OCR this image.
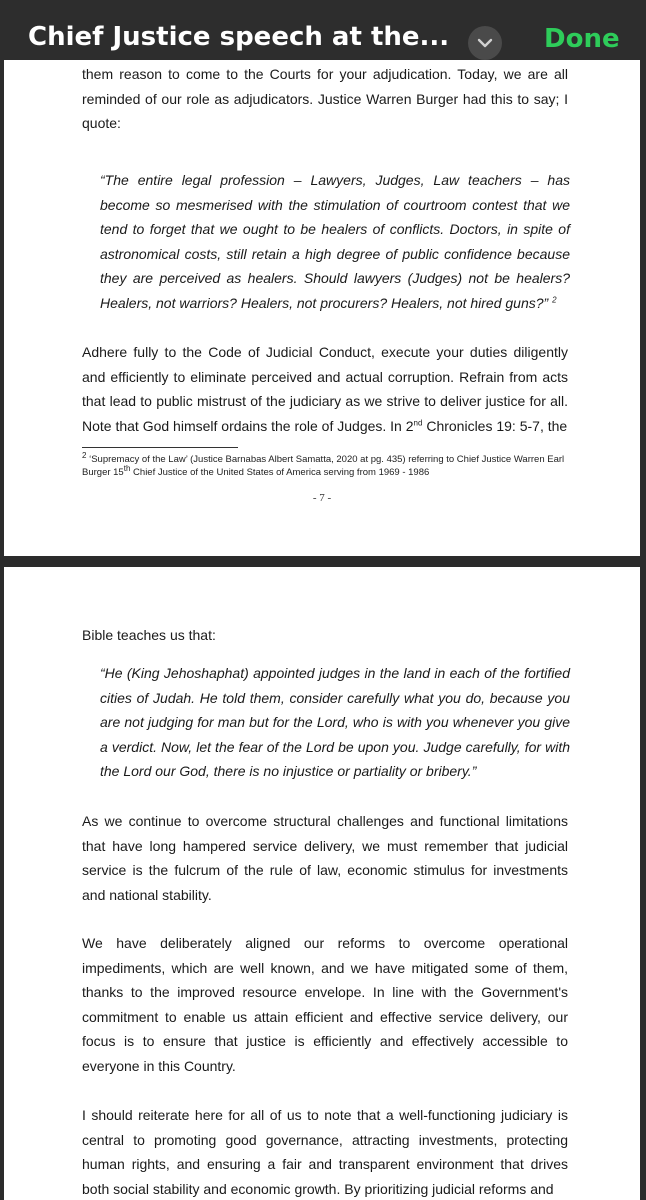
them reason to come to the Courts for your adjudication. Today, we are all reminded of our role as adjudicators. Justice Warren Burger had this to say; I quote:

“The entire legal profession – Lawyers, Judges, Law teachers – has become so mesmerised with the stimulation of courtroom contest that we tend to forget that we ought to be healers of conflicts. Doctors, in spite of astronomical costs, still retain a high degree of public confidence because they are perceived as healers. Should lawyers (Judges) not be healers? Healers, not warriors? Healers, not procurers? Healers, not hired guns?” $^2$

Adhere fully to the Code of Judicial Conduct, execute your duties diligently and efficiently to eliminate perceived and actual corruption. Refrain from acts that lead to public mistrust of the judiciary as we strive to deliver justice for all. Note that God himself ordains the role of Judges. In 2nd Chronicles 19: 5-7, the

$^2$ ‘Supremacy of the Law’ (Justice Barnabas Albert Samatta, 2020 at pg. 435) referring to Chief Justice Warren Earl Burger 15th Chief Justice of the United States of America serving from 1969 - 1986

- 7 -

Bible teaches us that:

“He (King Jehoshaphat) appointed judges in the land in each of the fortified cities of Judah. He told them, consider carefully what you do, because you are not judging for man but for the Lord, who is with you whenever you give a verdict. Now, let the fear of the Lord be upon you. Judge carefully, for with the Lord our God, there is no injustice or partiality or bribery.”

As we continue to overcome structural challenges and functional limitations that have long hampered service delivery, we must remember that judicial service is the fulcrum of the rule of law, economic stimulus for investments and national stability.

We have deliberately aligned our reforms to overcome operational impediments, which are well known, and we have mitigated some of them, thanks to the improved resource envelope. In line with the Government's commitment to enable us attain efficient and effective service delivery, our focus is to ensure that justice is efficiently and effectively accessible to everyone in this Country.

I should reiterate here for all of us to note that a well-functioning judiciary is central to promoting good governance, attracting investments, protecting human rights, and ensuring a fair and transparent environment that drives both social stability and economic growth. By prioritizing judicial reforms and

Chief Justice speech at the...	Done
